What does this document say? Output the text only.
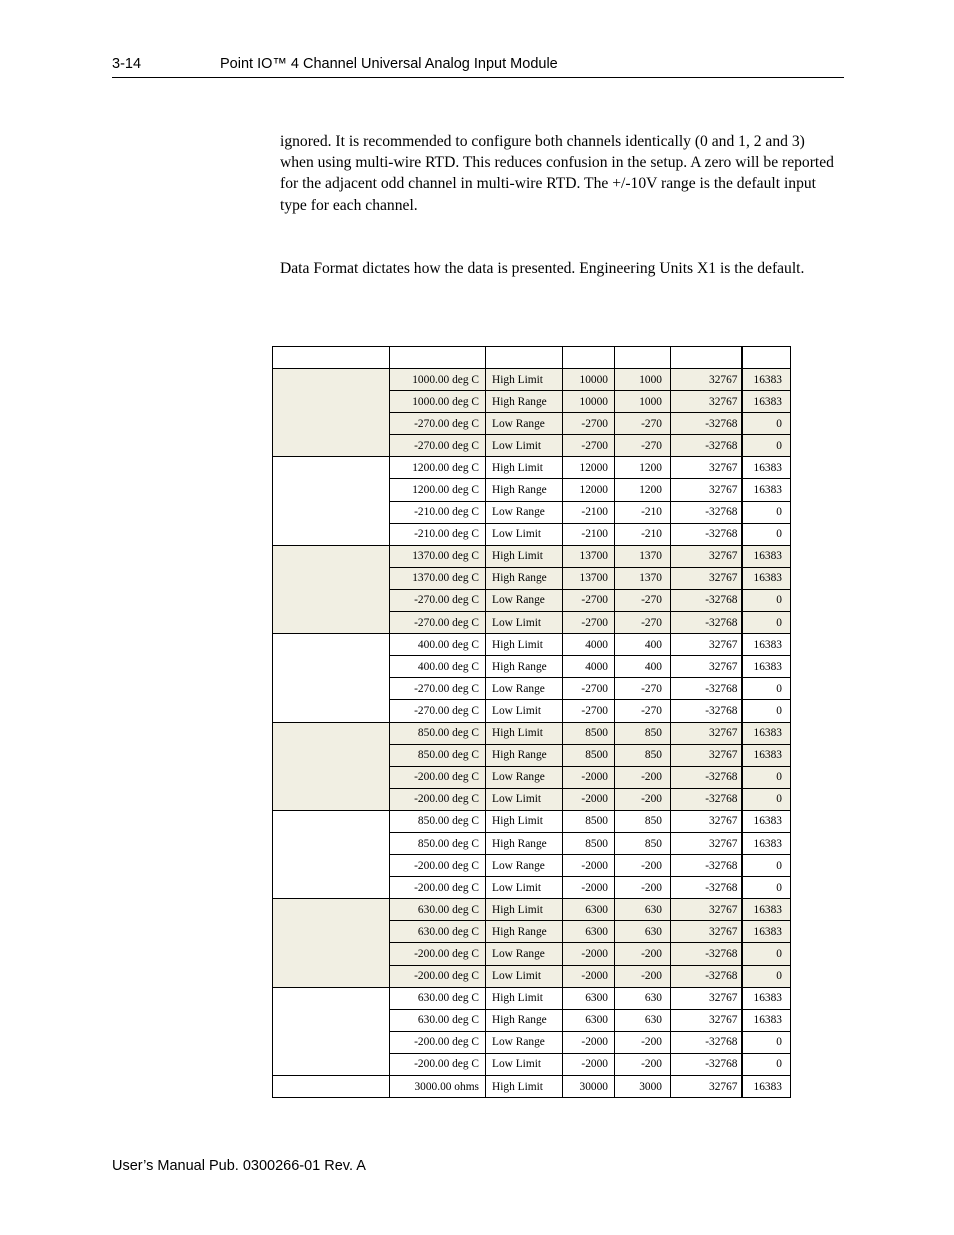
3-14	Point IO™ 4 Channel Universal Analog Input Module

ignored. It is recommended to configure both channels identically (0 and 1, 2 and 3) when using multi-wire RTD. This reduces confusion in the setup. A zero will be reported for the adjacent odd channel in multi-wire RTD. The +/-10V range is the default input type for each channel.

Data Format dictates how the data is presented. Engineering Units X1 is the default.

	1000.00 deg C	High Limit	10000	1000	32767	16383
	1000.00 deg C	High Range	10000	1000	32767	16383
	-270.00 deg C	Low Range	-2700	-270	-32768	0
	-270.00 deg C	Low Limit	-2700	-270	-32768	0
	1200.00 deg C	High Limit	12000	1200	32767	16383
	1200.00 deg C	High Range	12000	1200	32767	16383
	-210.00 deg C	Low Range	-2100	-210	-32768	0
	-210.00 deg C	Low Limit	-2100	-210	-32768	0
	1370.00 deg C	High Limit	13700	1370	32767	16383
	1370.00 deg C	High Range	13700	1370	32767	16383
	-270.00 deg C	Low Range	-2700	-270	-32768	0
	-270.00 deg C	Low Limit	-2700	-270	-32768	0
	400.00 deg C	High Limit	4000	400	32767	16383
	400.00 deg C	High Range	4000	400	32767	16383
	-270.00 deg C	Low Range	-2700	-270	-32768	0
	-270.00 deg C	Low Limit	-2700	-270	-32768	0
	850.00 deg C	High Limit	8500	850	32767	16383
	850.00 deg C	High Range	8500	850	32767	16383
	-200.00 deg C	Low Range	-2000	-200	-32768	0
	-200.00 deg C	Low Limit	-2000	-200	-32768	0
	850.00 deg C	High Limit	8500	850	32767	16383
	850.00 deg C	High Range	8500	850	32767	16383
	-200.00 deg C	Low Range	-2000	-200	-32768	0
	-200.00 deg C	Low Limit	-2000	-200	-32768	0
	630.00 deg C	High Limit	6300	630	32767	16383
	630.00 deg C	High Range	6300	630	32767	16383
	-200.00 deg C	Low Range	-2000	-200	-32768	0
	-200.00 deg C	Low Limit	-2000	-200	-32768	0
	630.00 deg C	High Limit	6300	630	32767	16383
	630.00 deg C	High Range	6300	630	32767	16383
	-200.00 deg C	Low Range	-2000	-200	-32768	0
	-200.00 deg C	Low Limit	-2000	-200	-32768	0
	3000.00 ohms	High Limit	30000	3000	32767	16383
User’s Manual Pub. 0300266-01 Rev. A
